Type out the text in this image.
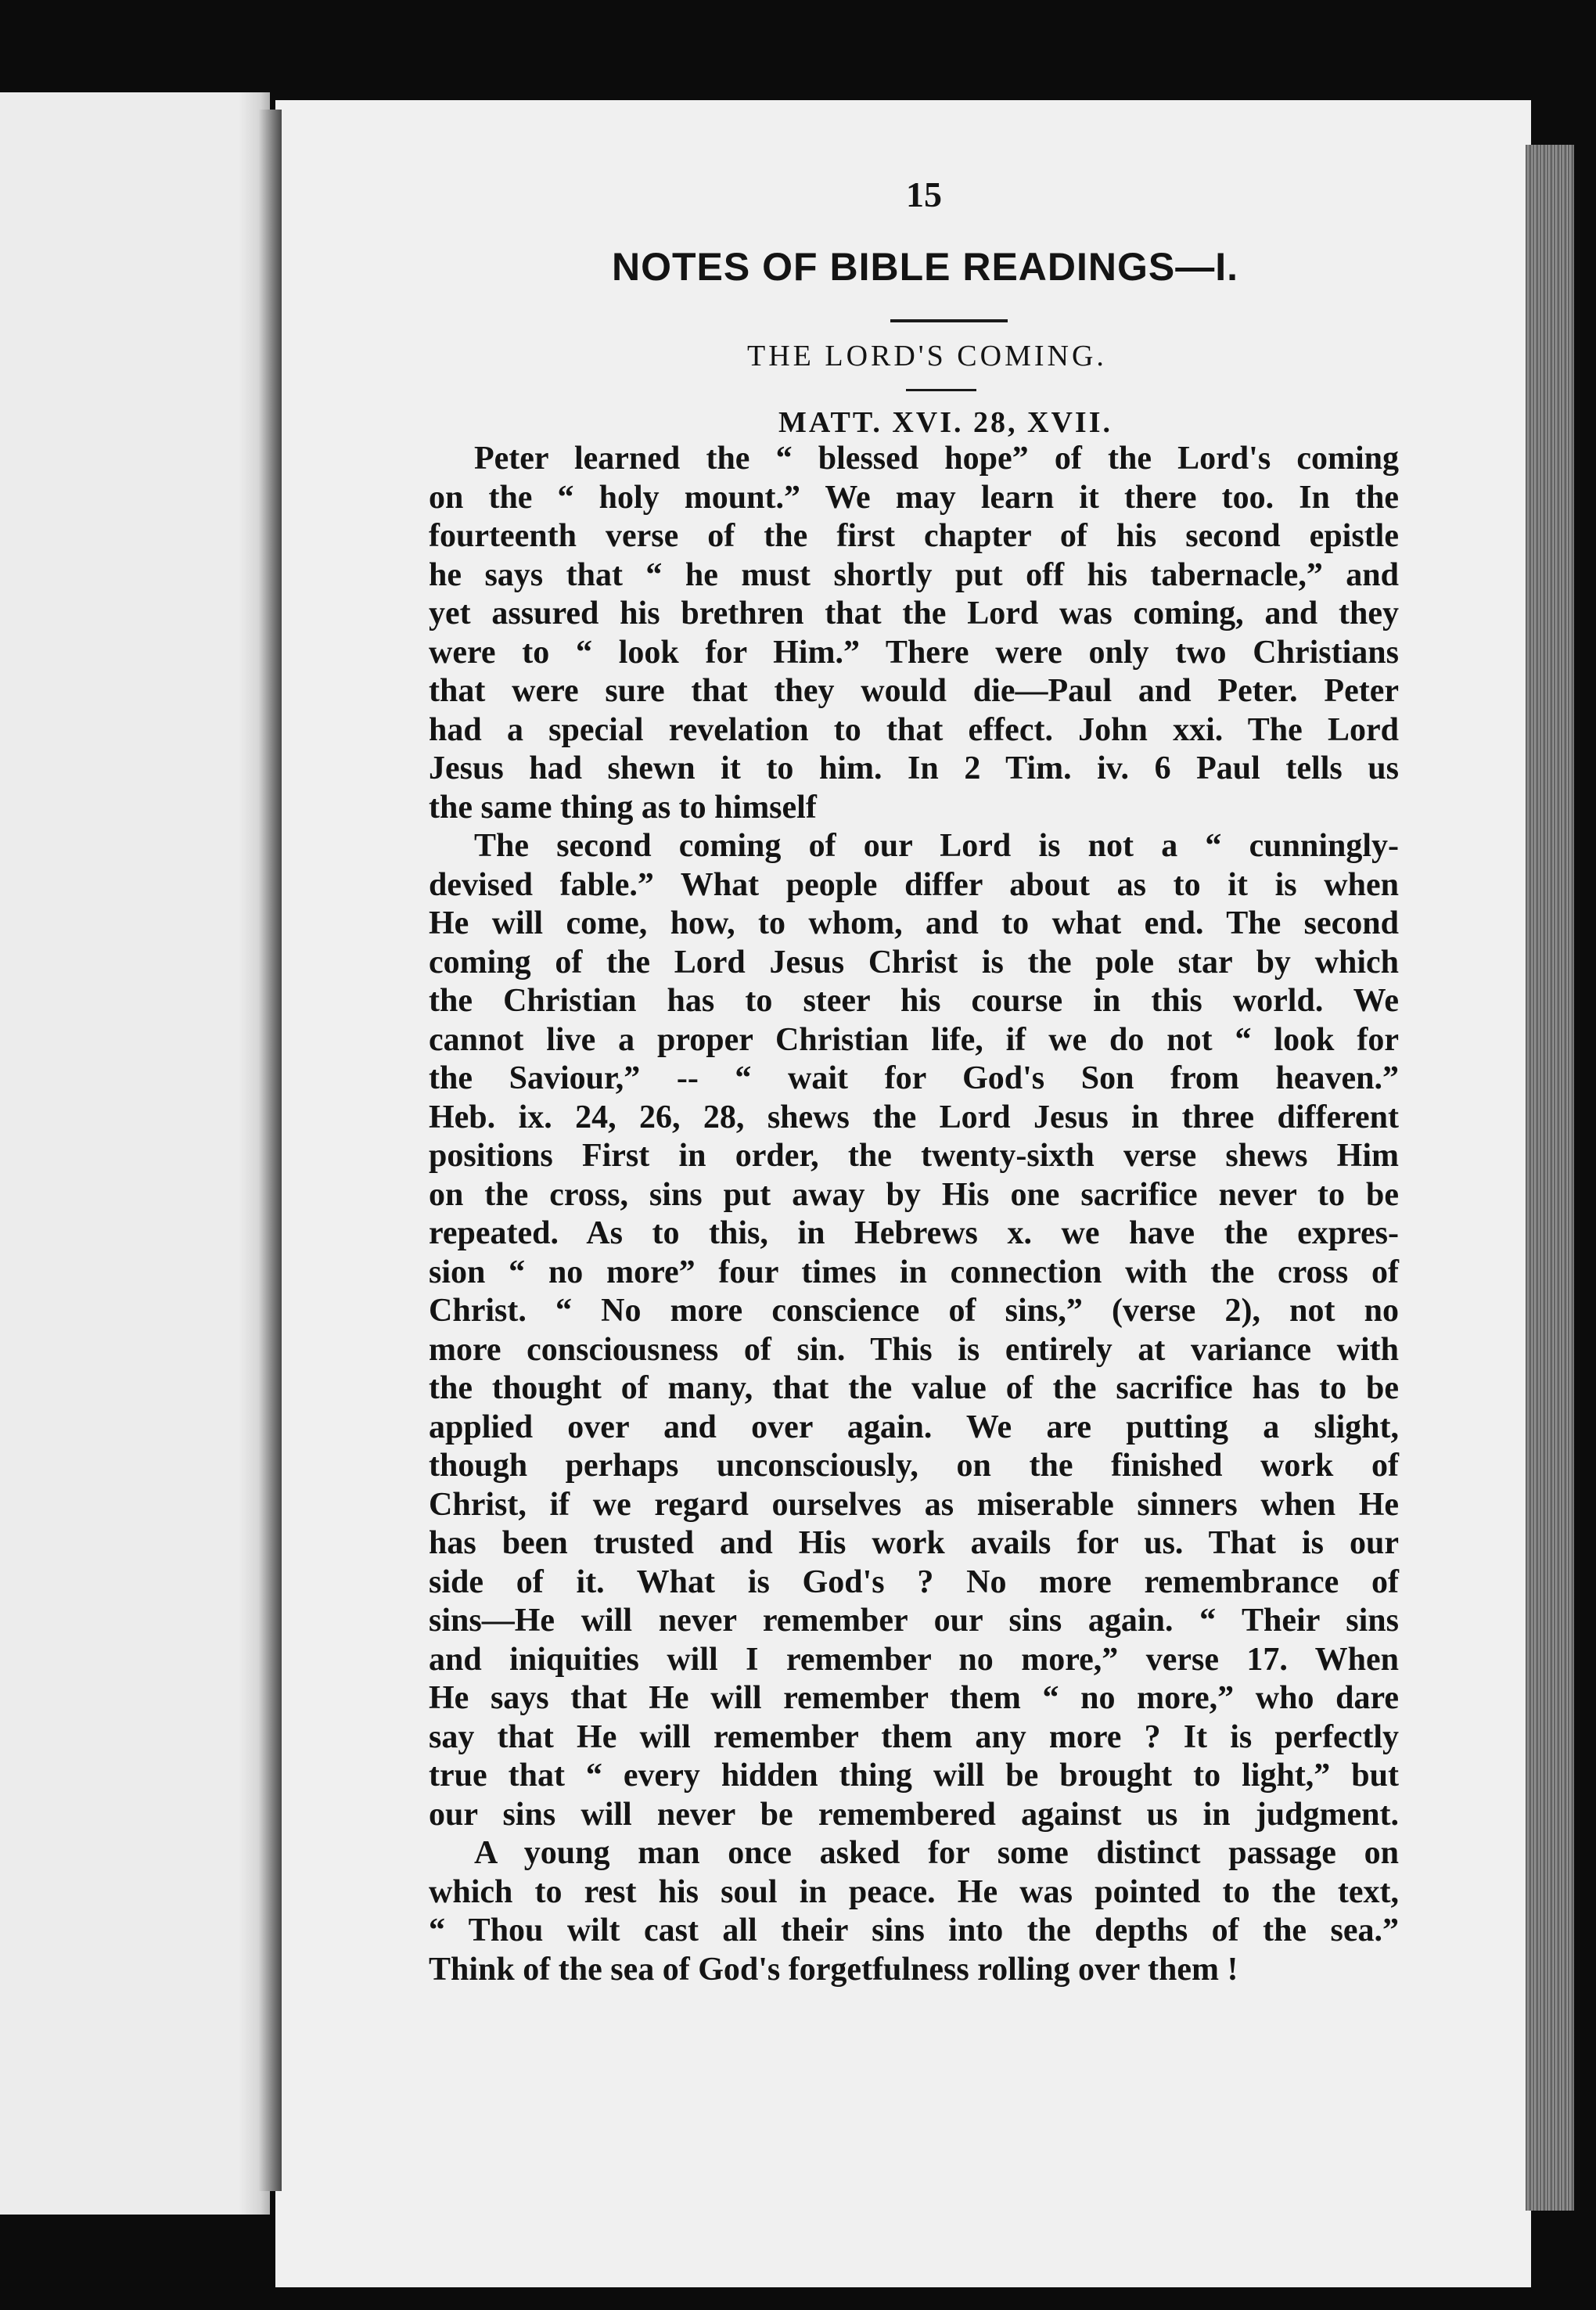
15
NOTES OF BIBLE READINGS—I.
THE LORD'S COMING.
MATT. XVI. 28, XVII.
Peter learned the “ blessed hope” of the Lord's coming
on the “ holy mount.” We may learn it there too. In the
fourteenth verse of the first chapter of his second epistle
he says that “ he must shortly put off his tabernacle,” and
yet assured his brethren that the Lord was coming, and they
were to “ look for Him.” There were only two Christians
that were sure that they would die—Paul and Peter. Peter
had a special revelation to that effect. John xxi. The Lord
Jesus had shewn it to him. In 2 Tim. iv. 6 Paul tells us
the same thing as to himself
The second coming of our Lord is not a “ cunningly-
devised fable.” What people differ about as to it is when
He will come, how, to whom, and to what end. The second
coming of the Lord Jesus Christ is the pole star by which
the Christian has to steer his course in this world. We
cannot live a proper Christian life, if we do not “ look for
the Saviour,” -- “ wait for God's Son from heaven.”
Heb. ix. 24, 26, 28, shews the Lord Jesus in three different
positions First in order, the twenty-sixth verse shews Him
on the cross, sins put away by His one sacrifice never to be
repeated. As to this, in Hebrews x. we have the expres-
sion “ no more” four times in connection with the cross of
Christ. “ No more conscience of sins,” (verse 2), not no
more consciousness of sin. This is entirely at variance with
the thought of many, that the value of the sacrifice has to be
applied over and over again. We are putting a slight,
though perhaps unconsciously, on the finished work of
Christ, if we regard ourselves as miserable sinners when He
has been trusted and His work avails for us. That is our
side of it. What is God's ? No more remembrance of
sins—He will never remember our sins again. “ Their sins
and iniquities will I remember no more,” verse 17. When
He says that He will remember them “ no more,” who dare
say that He will remember them any more ? It is perfectly
true that “ every hidden thing will be brought to light,” but
our sins will never be remembered against us in judgment.
A young man once asked for some distinct passage on
which to rest his soul in peace. He was pointed to the text,
“ Thou wilt cast all their sins into the depths of the sea.”
Think of the sea of God's forgetfulness rolling over them !
